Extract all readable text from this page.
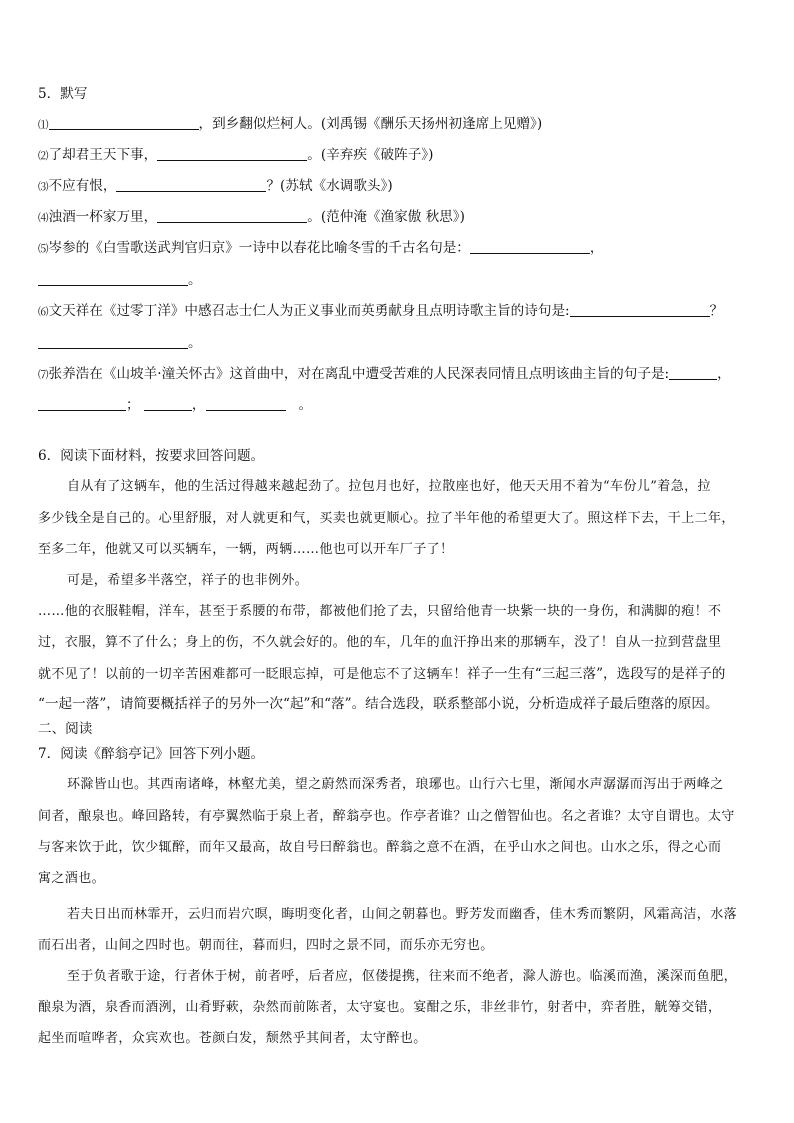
5．默写
⑴	，到乡翻似烂柯人。(刘禹锡《酬乐天扬州初逢席上见赠》)
⑵了却君王天下事，	。(辛弃疾《破阵子》)
⑶不应有恨，	？(苏轼《水调歌头》)
⑷浊酒一杯家万里，	。(范仲淹《渔家傲 秋思》)
⑸岑参的《白雪歌送武判官归京》一诗中以春花比喻冬雪的千古名句是：	，
。
⑹文天祥在《过零丁洋》中感召志士仁人为正义事业而英勇献身且点明诗歌主旨的诗句是:	？
。
⑺张养浩在《山坡羊·潼关怀古》这首曲中，对在离乱中遭受苦难的人民深表同情且点明该曲主旨的句子是:	，
；	，	。
6．阅读下面材料，按要求回答问题。
自从有了这辆车，他的生活过得越来越起劲了。拉包月也好，拉散座也好，他天天用不着为“车份儿”着急，拉
多少钱全是自己的。心里舒服，对人就更和气，买卖也就更顺心。拉了半年他的希望更大了。照这样下去，干上二年，
至多二年，他就又可以买辆车，一辆，两辆……他也可以开车厂子了！
可是，希望多半落空，祥子的也非例外。
……他的衣服鞋帽，洋车，甚至于系腰的布带，都被他们抢了去，只留给他青一块紫一块的一身伤，和满脚的疱！不
过，衣服，算不了什么；身上的伤，不久就会好的。他的车，几年的血汗挣出来的那辆车，没了！自从一拉到营盘里
就不见了！以前的一切辛苦困难都可一眨眼忘掉，可是他忘不了这辆车！祥子一生有“三起三落”，选段写的是祥子的
“一起一落”，请简要概括祥子的另外一次“起”和“落”。结合选段，联系整部小说，分析造成祥子最后堕落的原因。
二、阅读
7．阅读《醉翁亭记》回答下列小题。
环滁皆山也。其西南诸峰，林壑尤美，望之蔚然而深秀者，琅琊也。山行六七里，渐闻水声潺潺而泻出于两峰之
间者，酿泉也。峰回路转，有亭翼然临于泉上者，醉翁亭也。作亭者谁？山之僧智仙也。名之者谁？太守自谓也。太守
与客来饮于此，饮少辄醉，而年又最高，故自号曰醉翁也。醉翁之意不在酒，在乎山水之间也。山水之乐，得之心而
寓之酒也。
若夫日出而林霏开，云归而岩穴暝，晦明变化者，山间之朝暮也。野芳发而幽香，佳木秀而繁阴，风霜高洁，水落
而石出者，山间之四时也。朝而往，暮而归，四时之景不同，而乐亦无穷也。
至于负者歌于途，行者休于树，前者呼，后者应，伛偻提携，往来而不绝者，滁人游也。临溪而渔，溪深而鱼肥，
酿泉为酒，泉香而酒洌，山肴野蔌，杂然而前陈者，太守宴也。宴酣之乐，非丝非竹，射者中，弈者胜，觥筹交错，
起坐而喧哗者，众宾欢也。苍颜白发，颓然乎其间者，太守醉也。
